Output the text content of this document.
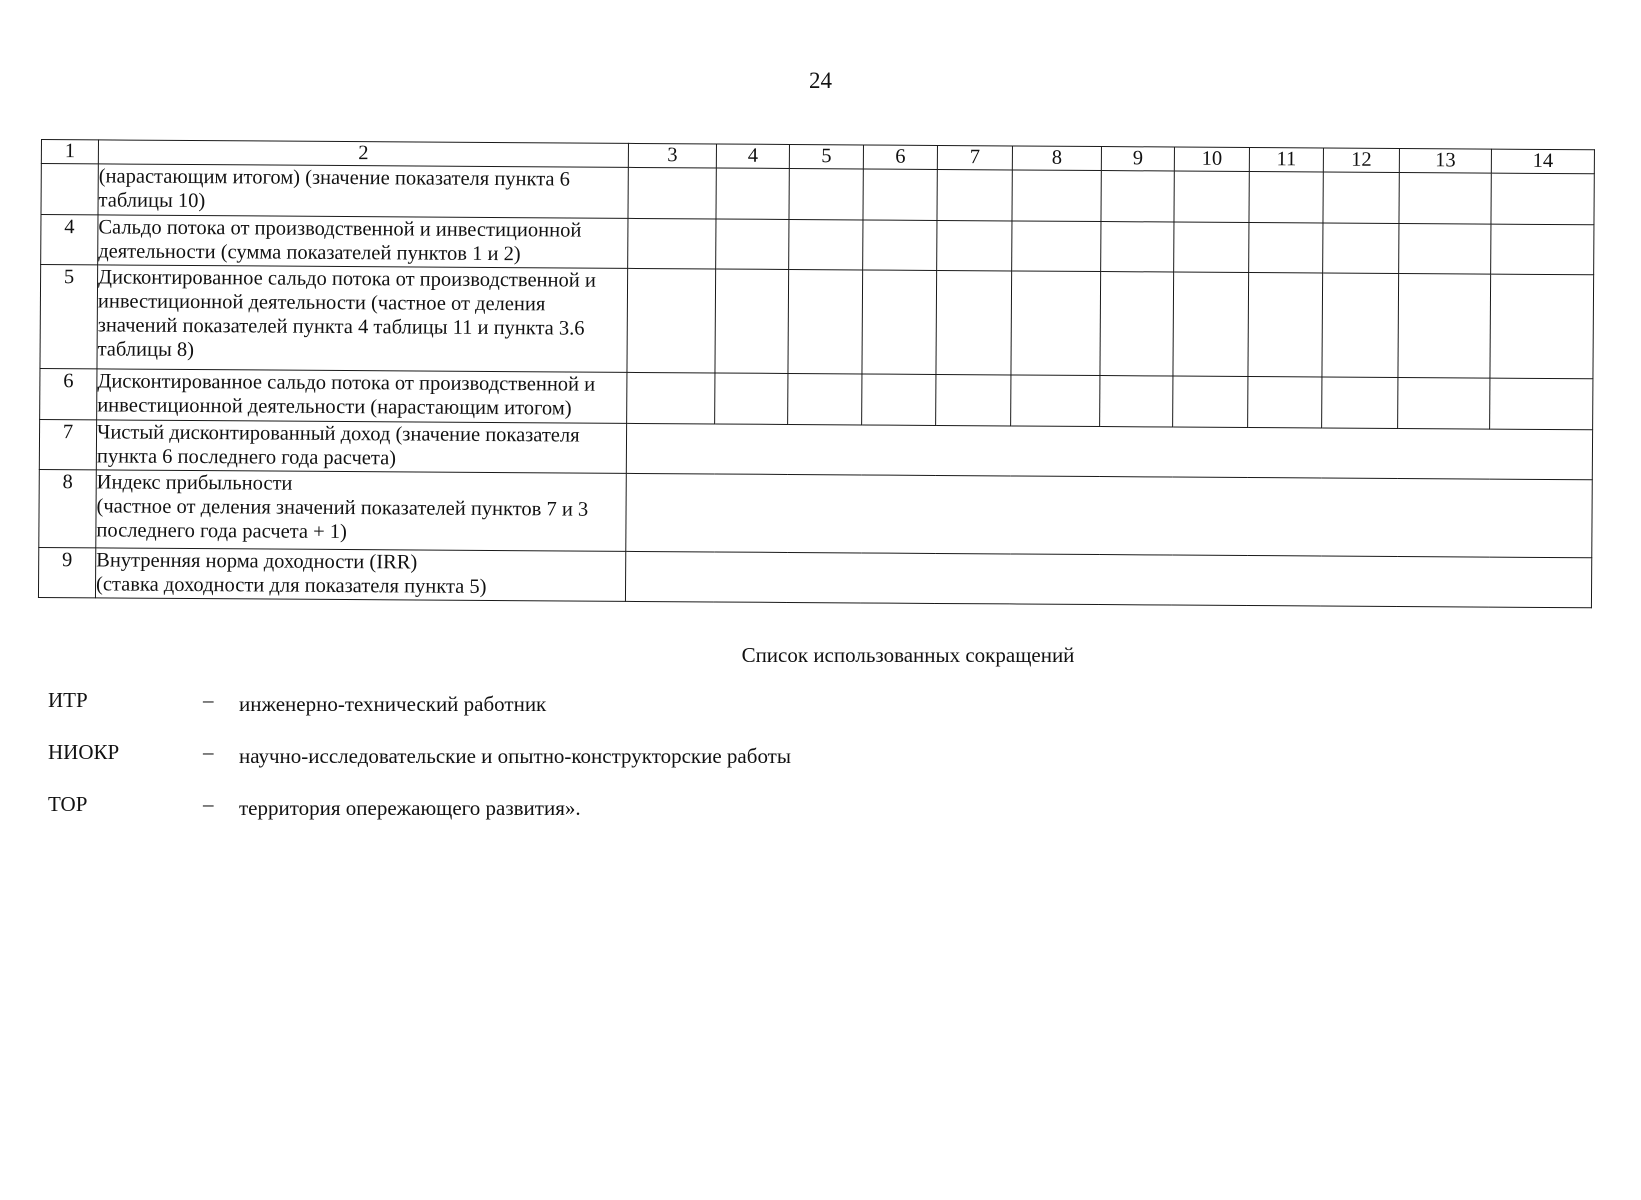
24
1	2	3	4	5	6	7	8	9	10	11	12	13	14
	(нарастающим итогом) (значение показателя пункта 6 таблицы 10)												
4	Сальдо потока от производственной и инвестиционной деятельности (сумма показателей пунктов 1 и 2)												
5	Дисконтированное сальдо потока от производственной и инвестиционной деятельности (частное от деления значений показателей пункта 4 таблицы 11 и пункта 3.6 таблицы 8)												
6	Дисконтированное сальдо потока от производственной и инвестиционной деятельности (нарастающим итогом)												
7	Чистый дисконтированный доход (значение показателя пункта 6 последнего года расчета)												
8	Индекс прибыльности
(частное от деления значений показателей пунктов 7 и 3 последнего года расчета + 1)												

9	Внутренняя норма доходности (IRR)
(ставка доходности для показателя пункта 5)												

Список использованных сокращений
ИТР	– инженерно-технический работник
НИОКР	– научно-исследовательские и опытно-конструкторские работы
ТОР	– территория опережающего развития».
